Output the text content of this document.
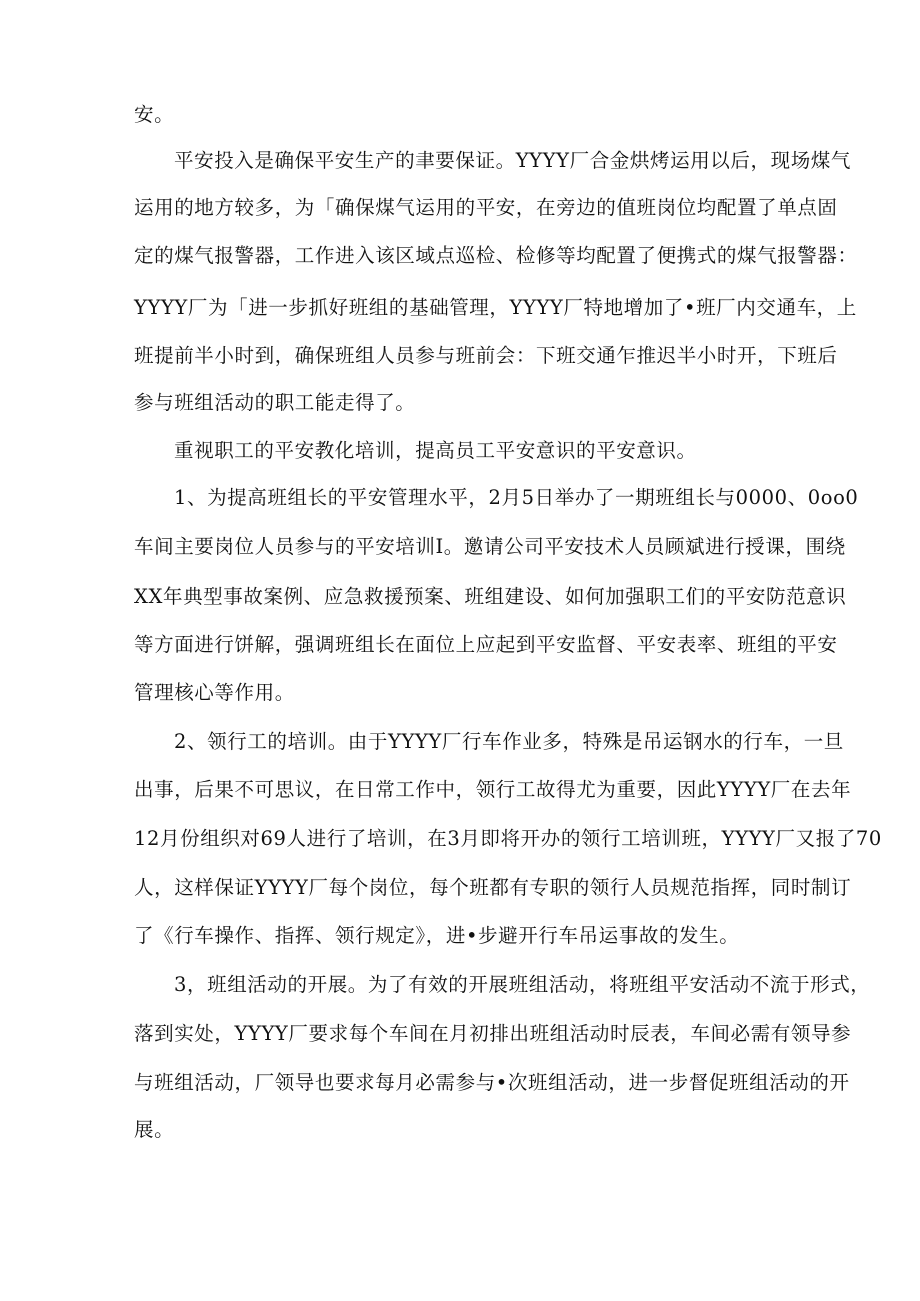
安。
平安投入是确保平安生产的聿要保证。YYYY厂合金烘烤运用以后，现场煤气
运用的地方较多，为「确保煤气运用的平安，在旁边的值班岗位均配置了单点固
定的煤气报警器，工作进入该区域点巡检、检修等均配置了便携式的煤气报警器：
YYYY厂为「进一步抓好班组的基础管理，YYYY厂特地增加了•班厂内交通车，上
班提前半小时到，确保班组人员参与班前会：下班交通乍推迟半小时开，下班后
参与班组活动的职工能走得了。
重视职工的平安教化培训，提高员工平安意识的平安意识。
1、为提高班组长的平安管理水平，2月5日举办了一期班组长与0000、0oo0
车间主要岗位人员参与的平安培训I。邀请公司平安技术人员顾斌进行授课，围绕
XX年典型事故案例、应急救援预案、班组建设、如何加强职工们的平安防范意识
等方面进行饼解，强调班组长在面位上应起到平安监督、平安表率、班组的平安
管理核心等作用。
2、领行工的培训。由于YYYY厂行车作业多，特殊是吊运钢水的行车，一旦
出事，后果不可思议，在日常工作中，领行工故得尤为重要，因此YYYY厂在去年
12月份组织对69人进行了培训，在3月即将开办的领行工培训班，YYYY厂又报了70
人，这样保证YYYY厂每个岗位，每个班都有专职的领行人员规范指挥，同时制订
了《行车操作、指挥、领行规定》，进•步避开行车吊运事故的发生。
3，班组活动的开展。为了有效的开展班组活动，将班组平安活动不流于形式，
落到实处，YYYY厂要求每个车间在月初排出班组活动时辰表，车间必需有领导参
与班组活动，厂领导也要求每月必需参与•次班组活动，进一步督促班组活动的开
展。
